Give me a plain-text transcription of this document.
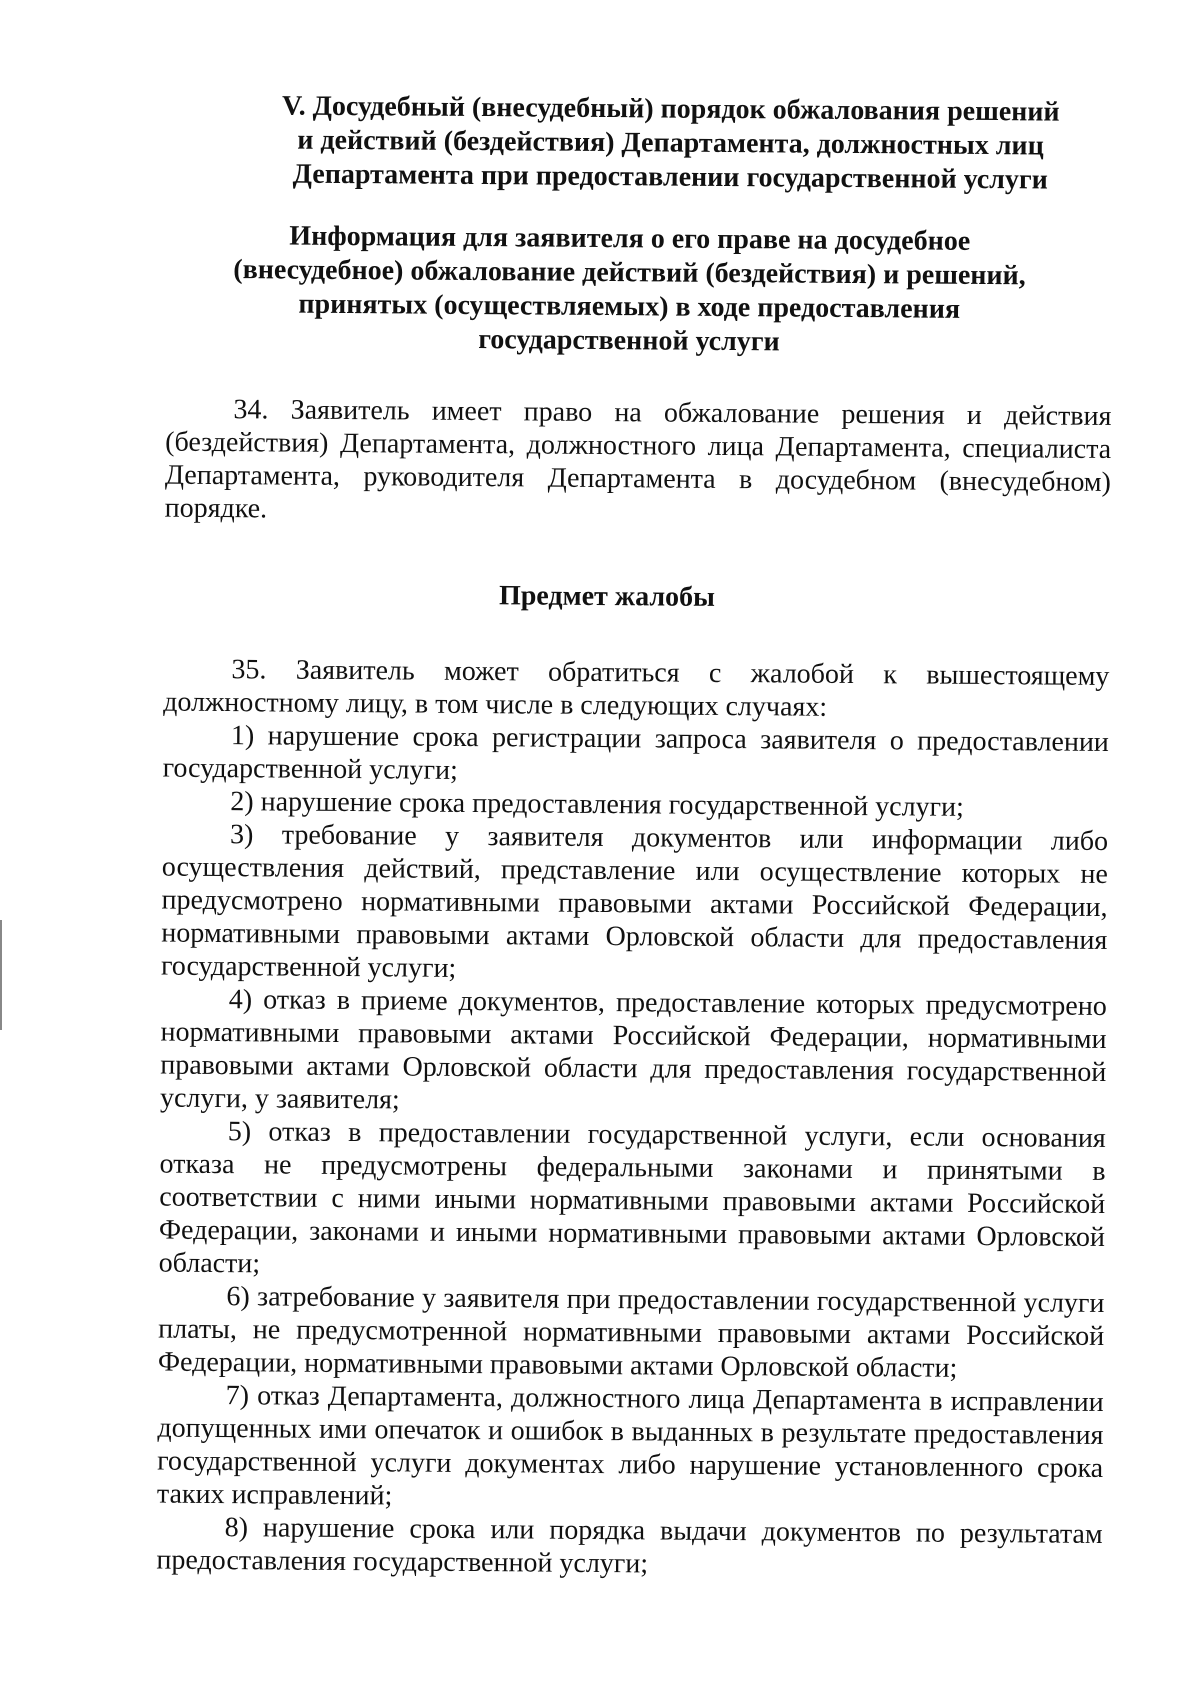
V. Досудебный (внесудебный) порядок обжалования решений
и действий (бездействия) Департамента, должностных лиц
Департамента при предоставлении государственной услуги
Информация для заявителя о его праве на досудебное
(внесудебное) обжалование действий (бездействия) и решений,
принятых (осуществляемых) в ходе предоставления
государственной услуги

34. Заявитель имеет право на обжалование решения и действия (бездействия) Департамента, должностного лица Департамента, специалиста Департамента, руководителя Департамента в досудебном (внесудебном) порядке.

Предмет жалобы

35. Заявитель может обратиться с жалобой к вышестоящему должностному лицу, в том числе в следующих случаях:

1) нарушение срока регистрации запроса заявителя о предоставлении государственной услуги;

2) нарушение срока предоставления государственной услуги;

3) требование у заявителя документов или информации либо осуществления действий, представление или осуществление которых не предусмотрено нормативными правовыми актами Российской Федерации, нормативными правовыми актами Орловской области для предоставления государственной услуги;

4) отказ в приеме документов, предоставление которых предусмотрено нормативными правовыми актами Российской Федерации, нормативными правовыми актами Орловской области для предоставления государственной услуги, у заявителя;

5) отказ в предоставлении государственной услуги, если основания отказа не предусмотрены федеральными законами и принятыми в соответствии с ними иными нормативными правовыми актами Российской Федерации, законами и иными нормативными правовыми актами Орловской области;

6) затребование у заявителя при предоставлении государственной услуги платы, не предусмотренной нормативными правовыми актами Российской Федерации, нормативными правовыми актами Орловской области;

7) отказ Департамента, должностного лица Департамента в исправлении допущенных ими опечаток и ошибок в выданных в результате предоставления государственной услуги документах либо нарушение установленного срока таких исправлений;

8) нарушение срока или порядка выдачи документов по результатам предоставления государственной услуги;
